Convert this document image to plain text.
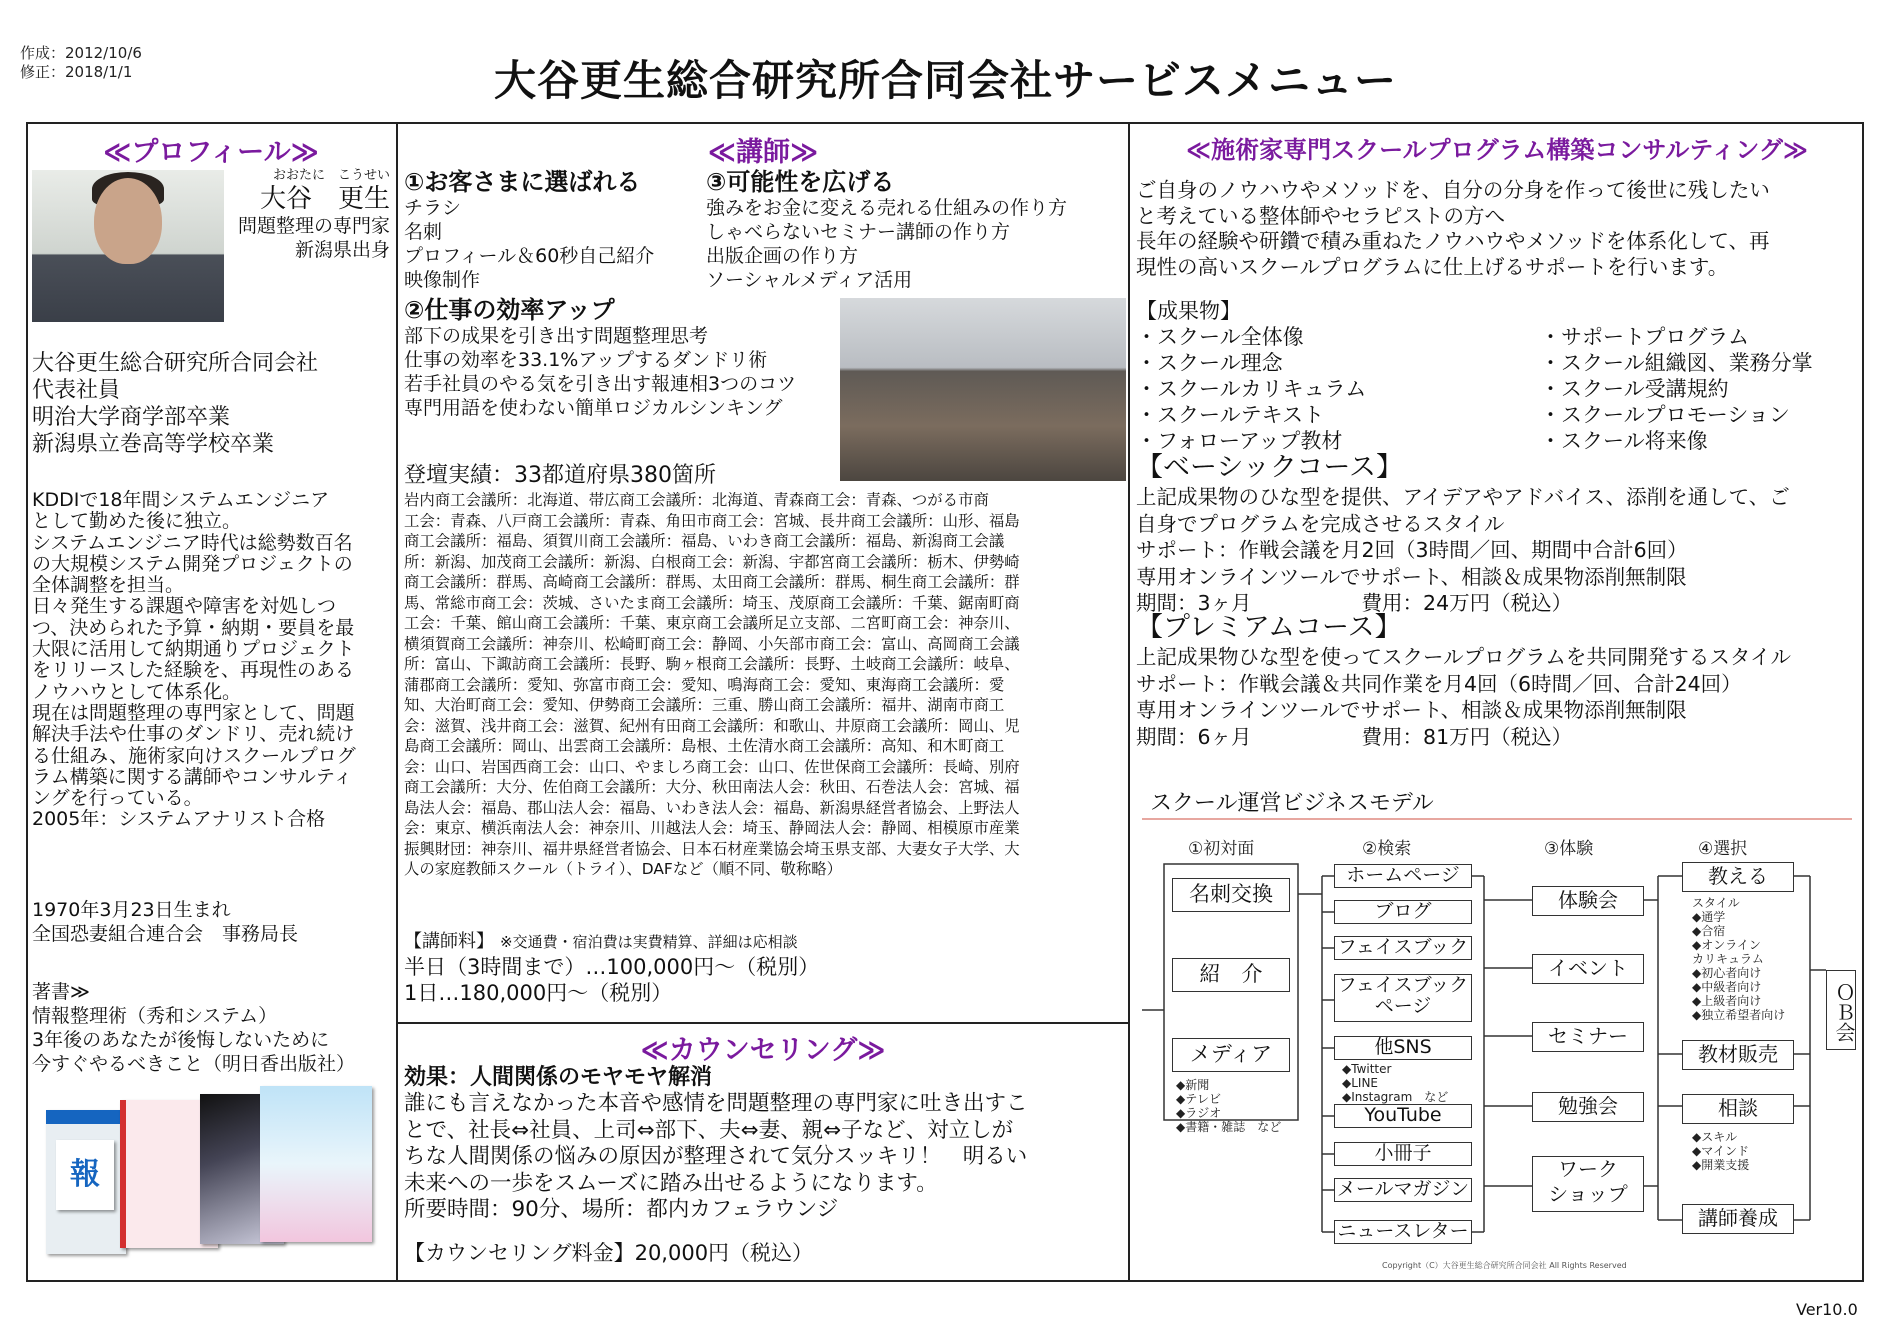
作成：2012/10/6
修正：2018/1/1	大谷更生総合研究所合同会社サービスメニュー
≪プロフィール≫
おおたに　こうせい
大谷　更生
問題整理の専門家
新潟県出身
大谷更生総合研究所合同会社
代表社員
明治大学商学部卒業
新潟県立巻高等学校卒業
KDDIで18年間システムエンジニア
として勤めた後に独立。
システムエンジニア時代は総勢数百名
の大規模システム開発プロジェクトの
全体調整を担当。
日々発生する課題や障害を対処しつ
つ、決められた予算・納期・要員を最
大限に活用して納期通りプロジェクト
をリリースした経験を、再現性のある
ノウハウとして体系化。
現在は問題整理の専門家として、問題
解決手法や仕事のダンドリ、売れ続け
る仕組み、施術家向けスクールプログ
ラム構築に関する講師やコンサルティ
ングを行っている。
2005年：システムアナリスト合格
1970年3月23日生まれ
全国恐妻組合連合会　事務局長
著書≫
情報整理術（秀和システム）
3年後のあなたが後悔しないために
今すぐやるべきこと（明日香出版社）
報
≪講師≫
①お客さまに選ばれる
チラシ
名刺
プロフィール＆60秒自己紹介
映像制作
③可能性を広げる
強みをお金に変える売れる仕組みの作り方
しゃべらないセミナー講師の作り方
出版企画の作り方
ソーシャルメディア活用
②仕事の効率アップ
部下の成果を引き出す問題整理思考
仕事の効率を33.1%アップするダンドリ術
若手社員のやる気を引き出す報連相3つのコツ
専門用語を使わない簡単ロジカルシンキング
登壇実績：33都道府県380箇所
岩内商工会議所：北海道、帯広商工会議所：北海道、青森商工会：青森、つがる市商
工会：青森、八戸商工会議所：青森、角田市商工会：宮城、長井商工会議所：山形、福島
商工会議所：福島、須賀川商工会議所：福島、いわき商工会議所：福島、新潟商工会議
所：新潟、加茂商工会議所：新潟、白根商工会：新潟、宇都宮商工会議所：栃木、伊勢崎
商工会議所：群馬、高崎商工会議所：群馬、太田商工会議所：群馬、桐生商工会議所：群
馬、常総市商工会：茨城、さいたま商工会議所：埼玉、茂原商工会議所：千葉、鋸南町商
工会：千葉、館山商工会議所：千葉、東京商工会議所足立支部、二宮町商工会：神奈川、
横須賀商工会議所：神奈川、松崎町商工会：静岡、小矢部市商工会：富山、高岡商工会議
所：富山、下諏訪商工会議所：長野、駒ヶ根商工会議所：長野、土岐商工会議所：岐阜、
蒲郡商工会議所：愛知、弥富市商工会：愛知、鳴海商工会：愛知、東海商工会議所：愛
知、大治町商工会：愛知、伊勢商工会議所：三重、勝山商工会議所：福井、湖南市商工
会：滋賀、浅井商工会：滋賀、紀州有田商工会議所：和歌山、井原商工会議所：岡山、児
島商工会議所：岡山、出雲商工会議所：島根、土佐清水商工会議所：高知、和木町商工
会：山口、岩国西商工会：山口、やましろ商工会：山口、佐世保商工会議所：長崎、別府
商工会議所：大分、佐伯商工会議所：大分、秋田南法人会：秋田、石巻法人会：宮城、福
島法人会：福島、郡山法人会：福島、いわき法人会：福島、新潟県経営者協会、上野法人
会：東京、横浜南法人会：神奈川、川越法人会：埼玉、静岡法人会：静岡、相模原市産業
振興財団：神奈川、福井県経営者協会、日本石材産業協会埼玉県支部、大妻女子大学、大
人の家庭教師スクール（トライ）、DAFなど（順不同、敬称略）
【講師料】 ※交通費・宿泊費は実費精算、詳細は応相談
半日（3時間まで）…100,000円～（税別）
1日…180,000円～（税別）
≪カウンセリング≫
効果：人間関係のモヤモヤ解消
誰にも言えなかった本音や感情を問題整理の専門家に吐き出すこ
とで、社長⇔社員、上司⇔部下、夫⇔妻、親⇔子など、対立しが
ちな人間関係の悩みの原因が整理されて気分スッキリ！　明るい
未来への一歩をスムーズに踏み出せるようになります。
所要時間：90分、場所：都内カフェラウンジ
【カウンセリング料金】20,000円（税込）
≪施術家専門スクールプログラム構築コンサルティング≫
ご自身のノウハウやメソッドを、自分の分身を作って後世に残したい
と考えている整体師やセラピストの方へ
長年の経験や研鑽で積み重ねたノウハウやメソッドを体系化して、再
現性の高いスクールプログラムに仕上げるサポートを行います。
【成果物】
・スクール全体像
・スクール理念
・スクールカリキュラム
・スクールテキスト
・フォローアップ教材
・サポートプログラム
・スクール組織図、業務分掌
・スクール受講規約
・スクールプロモーション
・スクール将来像
【ベーシックコース】
上記成果物のひな型を提供、アイデアやアドバイス、添削を通して、ご
自身でプログラムを完成させるスタイル
サポート：作戦会議を月2回（3時間／回、期間中合計6回）
専用オンラインツールでサポート、相談＆成果物添削無制限
期間：3ヶ月	費用：24万円（税込）
【プレミアムコース】
上記成果物ひな型を使ってスクールプログラムを共同開発するスタイル
サポート：作戦会議＆共同作業を月4回（6時間／回、合計24回）
専用オンラインツールでサポート、相談＆成果物添削無制限
期間：6ヶ月	費用：81万円（税込）
スクール運営ビジネスモデル
①初対面	②検索	③体験	④選択
名刺交換
紹　介
メディア
◆新聞
◆テレビ
◆ラジオ
◆書籍・雑誌　など
ホームページ
ブログ
フェイスブック
フェイスブック
ページ
他SNS
◆Twitter
◆LINE
◆Instagram　など
YouTube
小冊子
メールマガジン
ニュースレター
体験会
イベント
セミナー
勉強会
ワーク
ショップ
教える
スタイル
◆通学
◆合宿
◆オンライン
カリキュラム
◆初心者向け
◆中級者向け
◆上級者向け
◆独立希望者向け
教材販売
相談
◆スキル
◆マインド
◆開業支援
講師養成
ＯＢ会
Copyright（C）大谷更生総合研究所合同会社 All Rights Reserved
Ver10.0
